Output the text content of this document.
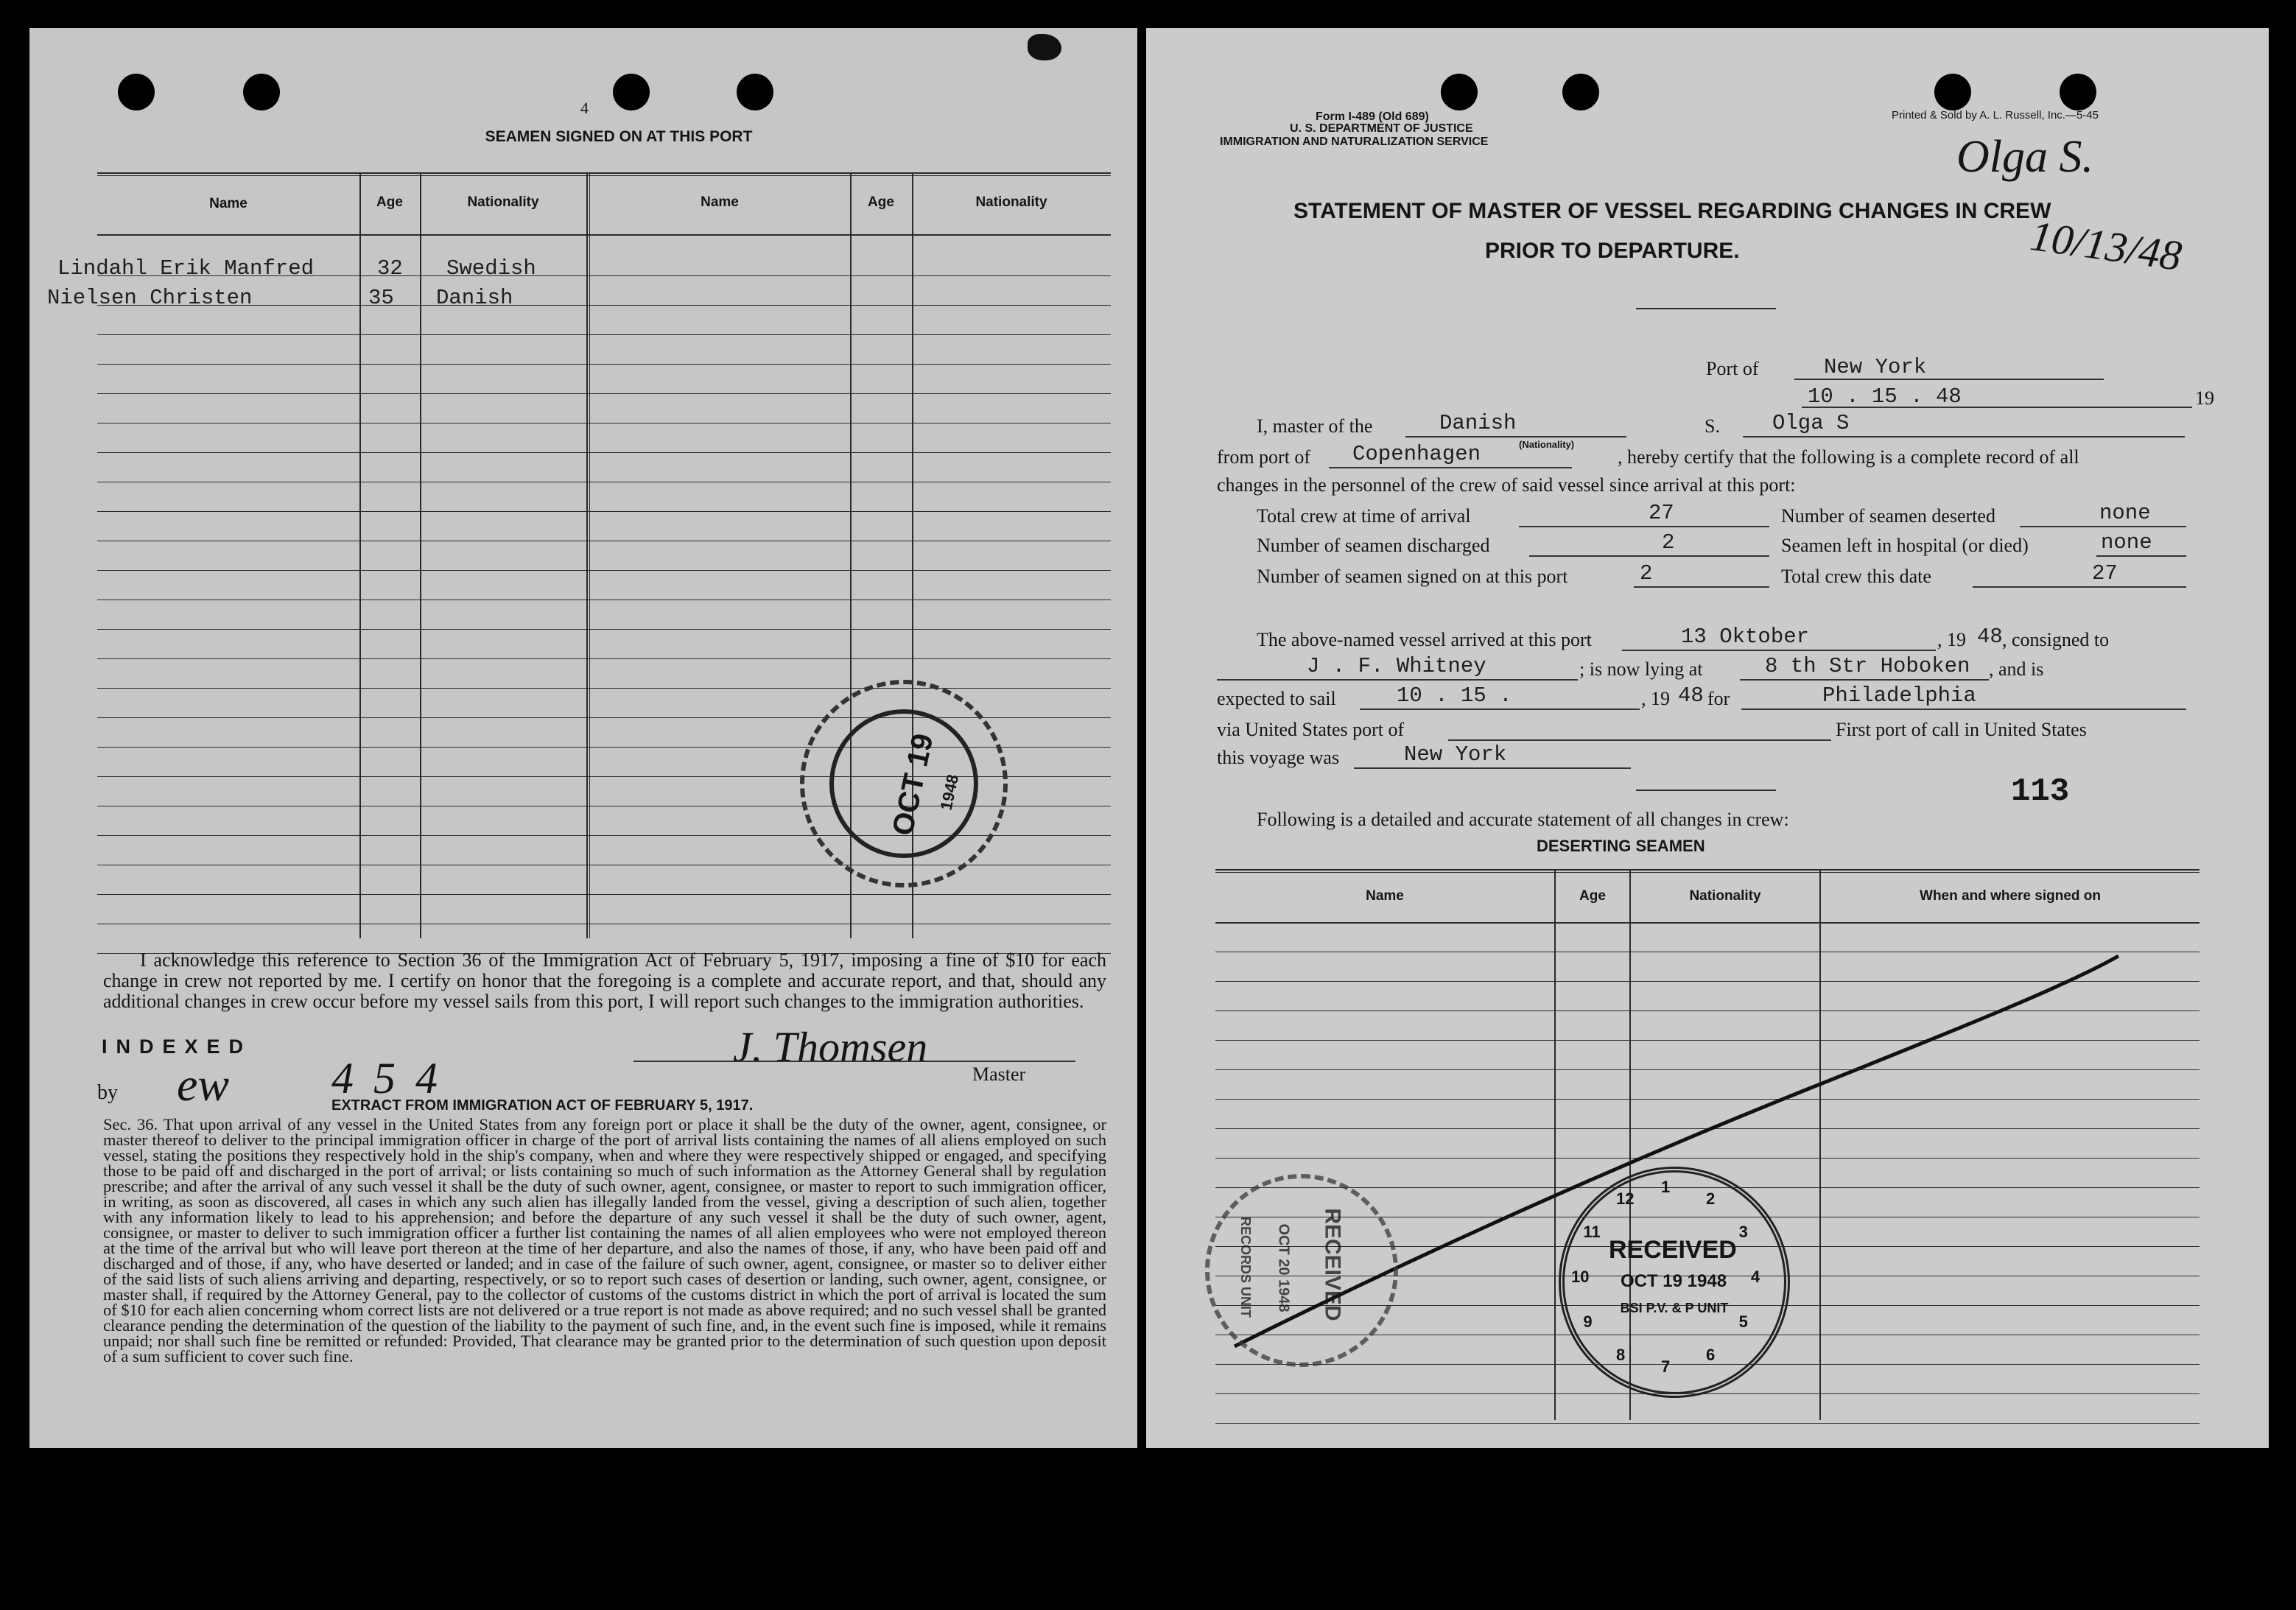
4
SEAMEN SIGNED ON AT THIS PORT
Name	Age	Nationality	Name	Age	Nationality
Lindahl Erik Manfred	32 Swedish
Nielsen Christen	35 Danish
OCT 19 1948
I acknowledge this reference to Section 36 of the Immigration Act of February 5, 1917, imposing a fine of $10 for each change in crew not reported by me. I certify on honor that the foregoing is a complete and accurate report, and that, should any additional changes in crew occur before my vessel sails from this port, I will report such changes to the immigration authorities.
INDEXED
by ew 4 5 4
J. Thomsen
Master
EXTRACT FROM IMMIGRATION ACT OF FEBRUARY 5, 1917.
Sec. 36. That upon arrival of any vessel in the United States from any foreign port or place it shall be the duty of the owner, agent, consignee, or master thereof to deliver to the principal immigration officer in charge of the port of arrival lists containing the names of all aliens employed on such vessel, stating the positions they respectively hold in the ship's company, when and where they were respectively shipped or engaged, and specifying those to be paid off and discharged in the port of arrival; or lists containing so much of such information as the Attorney General shall by regulation prescribe; and after the arrival of any such vessel it shall be the duty of such owner, agent, consignee, or master to report to such immigration officer, in writing, as soon as discovered, all cases in which any such alien has illegally landed from the vessel, giving a description of such alien, together with any information likely to lead to his apprehension; and before the departure of any such vessel it shall be the duty of such owner, agent, consignee, or master to deliver to such immigration officer a further list containing the names of all alien employees who were not employed thereon at the time of the arrival but who will leave port thereon at the time of her departure, and also the names of those, if any, who have been paid off and discharged and of those, if any, who have deserted or landed; and in case of the failure of such owner, agent, consignee, or master so to deliver either of the said lists of such aliens arriving and departing, respectively, or so to report such cases of desertion or landing, such owner, agent, consignee, or master shall, if required by the Attorney General, pay to the collector of customs of the customs district in which the port of arrival is located the sum of $10 for each alien concerning whom correct lists are not delivered or a true report is not made as above required; and no such vessel shall be granted clearance pending the determination of the question of the liability to the payment of such fine, and, in the event such fine is imposed, while it remains unpaid; nor shall such fine be remitted or refunded: Provided, That clearance may be granted prior to the determination of such question upon deposit of a sum sufficient to cover such fine.
Form I-489 (Old 689)
U. S. DEPARTMENT OF JUSTICE
IMMIGRATION AND NATURALIZATION SERVICE
Printed & Sold by A. L. Russell, Inc.—5-45
Olga S.
10/13/48
STATEMENT OF MASTER OF VESSEL REGARDING CHANGES IN CREW
PRIOR TO DEPARTURE.
Port of	New York
10 . 15 . 48	19
I, master of the	Danish
(Nationality)
S. Olga S
from port of Copenhagen	, hereby certify that the following is a complete record of all
changes in the personnel of the crew of said vessel since arrival at this port:
Total crew at time of arrival	27
Number of seamen discharged	2
Number of seamen signed on at this port	2
Number of seamen deserted	none
Seamen left in hospital (or died)	none
Total crew this date	27
The above-named vessel arrived at this port	13 Oktober	, 19 48 , consigned to
J . F. Whitney	; is now lying at	8 th Str Hoboken , and is
expected to sail	10 . 15 .	, 19 48 for	Philadelphia
via United States port of	First port of call in United States
this voyage was	New York
113
Following is a detailed and accurate statement of all changes in crew:
DESERTING SEAMEN
Name	Age	Nationality	When and where signed on
RECEIVED
OCT 19 1948
BSI P.V. & P UNIT
1
2
3
4
5
6
7
8
9
10
11
12
RECEIVED
OCT 20 1948
RECORDS UNIT
